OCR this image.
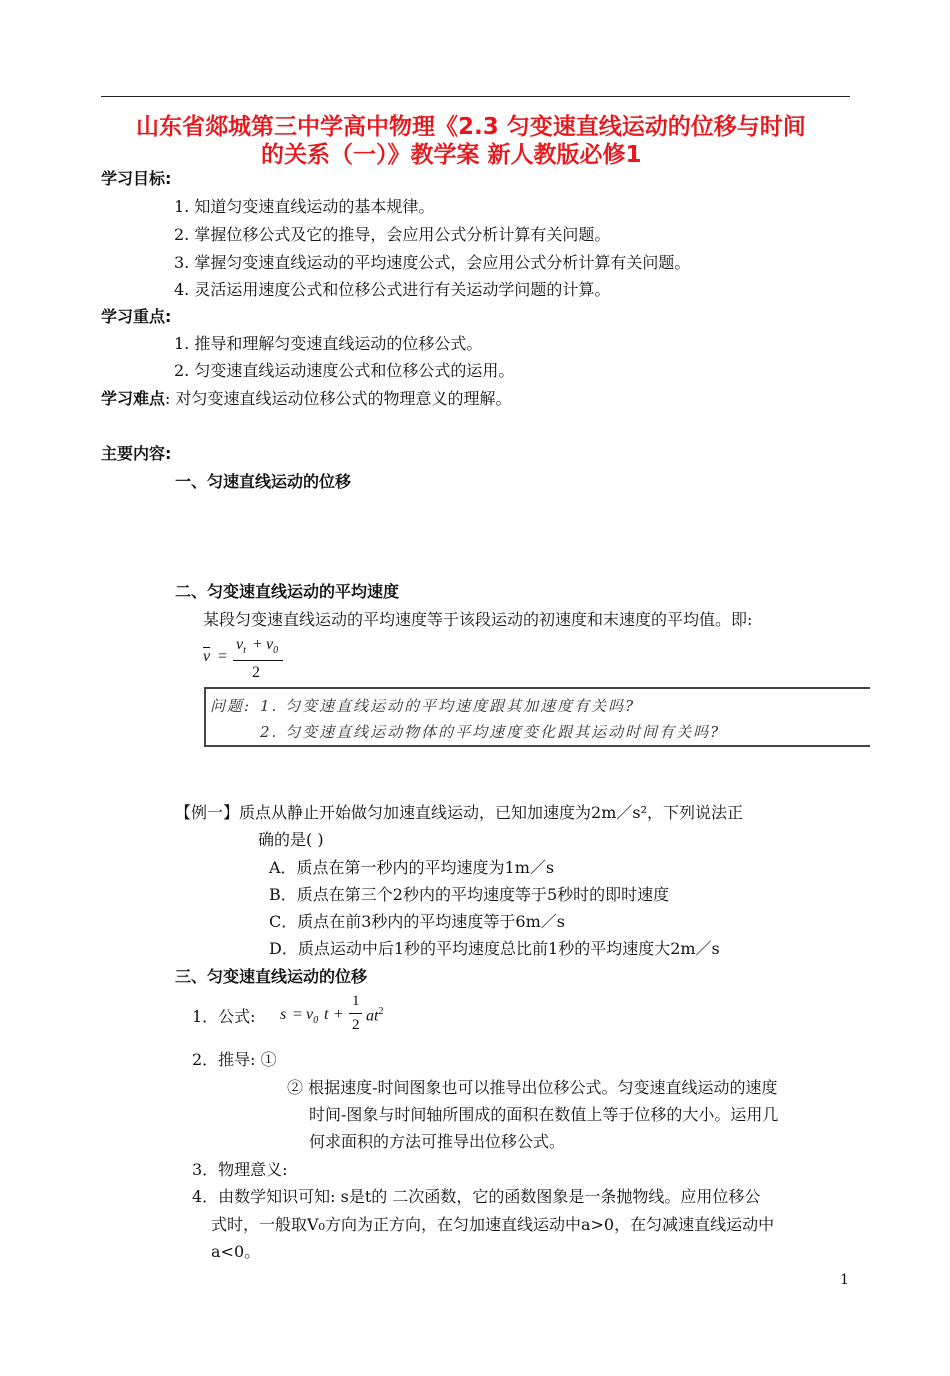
山东省郯城第三中学高中物理《2.3 匀变速直线运动的位移与时间
的关系（一）》教学案 新人教版必修1
学习目标:
1. 知道匀变速直线运动的基本规律。
2. 掌握位移公式及它的推导，会应用公式分析计算有关问题。
3. 掌握匀变速直线运动的平均速度公式，会应用公式分析计算有关问题。
4. 灵活运用速度公式和位移公式进行有关运动学问题的计算。
学习重点:
1. 推导和理解匀变速直线运动的位移公式。
2. 匀变速直线运动速度公式和位移公式的运用。
学习难点: 对匀变速直线运动位移公式的物理意义的理解。
主要内容:
一、匀速直线运动的位移
二、匀变速直线运动的平均速度
某段匀变速直线运动的平均速度等于该段运动的初速度和末速度的平均值。即:
$\overline{v}$ =
$v_t + v_0$
2
问题: 1. 匀变速直线运动的平均速度跟其加速度有关吗?
2. 匀变速直线运动物体的平均速度变化跟其运动时间有关吗?
【例一】质点从静止开始做匀加速直线运动，已知加速度为2m／s²，下列说法正
确的是( )
A．质点在第一秒内的平均速度为1m／s
B．质点在第三个2秒内的平均速度等于5秒时的即时速度
C．质点在前3秒内的平均速度等于6m／s
D．质点运动中后1秒的平均速度总比前1秒的平均速度大2m／s
三、匀变速直线运动的位移
1．公式: $s = v_0$ t +
1
2
$at^2$
2．推导: ①
② 根据速度-时间图象也可以推导出位移公式。匀变速直线运动的速度
时间-图象与时间轴所围成的面积在数值上等于位移的大小。运用几
何求面积的方法可推导出位移公式。
3．物理意义:
4．由数学知识可知: s是t的 二次函数，它的函数图象是一条抛物线。应用位移公
式时，一般取V₀方向为正方向，在匀加速直线运动中a>0，在匀减速直线运动中
a<0。
1
